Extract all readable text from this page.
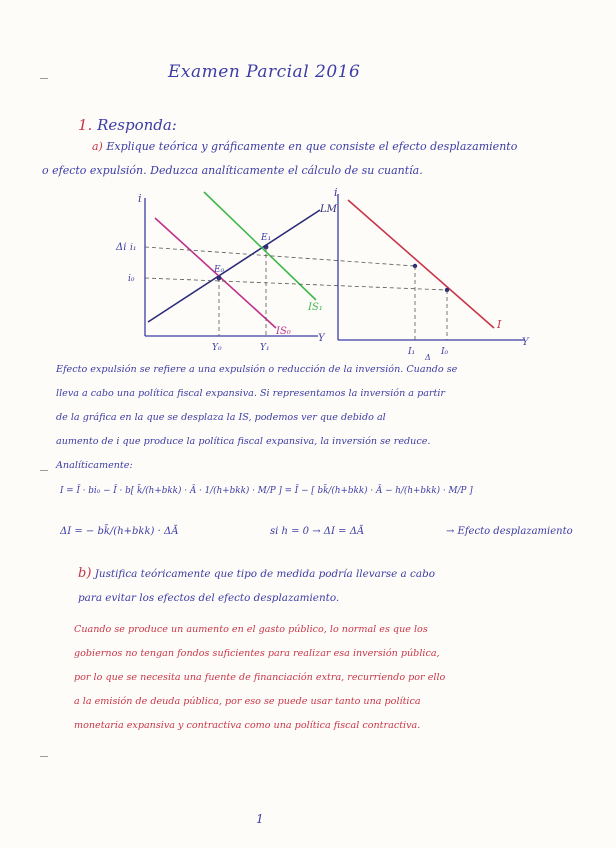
Examen Parcial 2016
1. Responda:
a) Explique teórica y gráficamente en que consiste el efecto desplazamiento
o efecto expulsión. Deduzca analíticamente el cálculo de su cuantía.
i
Y
Δi
LM
IS₁
IS₀
E₀
E₁
i₁
i₀
Y₀	Y₁
i
Y
I
I₁	I₀
Δ
Efecto expulsión se refiere a una expulsión o reducción de la inversión. Cuando se
lleva a cabo una política fiscal expansiva. Si representamos la inversión a partir
de la gráfica en la que se desplaza la IS, podemos ver que debido al
aumento de i que produce la política fiscal expansiva, la inversión se reduce.
Analíticamente:
I = Ī · bi₀ − Ī · b[ k̄/(h+bkk) · Ā · 1/(h+bkk) · M/P ] = Ī − [ bk̄/(h+bkk) · Ā − h/(h+bkk) · M/P ]
ΔI = − bk̄/(h+bkk) · ΔĀ	si h = 0 → ΔI = ΔĀ	→ Efecto desplazamiento
b) Justifica teóricamente que tipo de medida podría llevarse a cabo
para evitar los efectos del efecto desplazamiento.
Cuando se produce un aumento en el gasto público, lo normal es que los
gobiernos no tengan fondos suficientes para realizar esa inversión pública,
por lo que se necesita una fuente de financiación extra, recurriendo por ello
a la emisión de deuda pública, por eso se puede usar tanto una política
monetaria expansiva y contractiva como una política fiscal contractiva.
1
